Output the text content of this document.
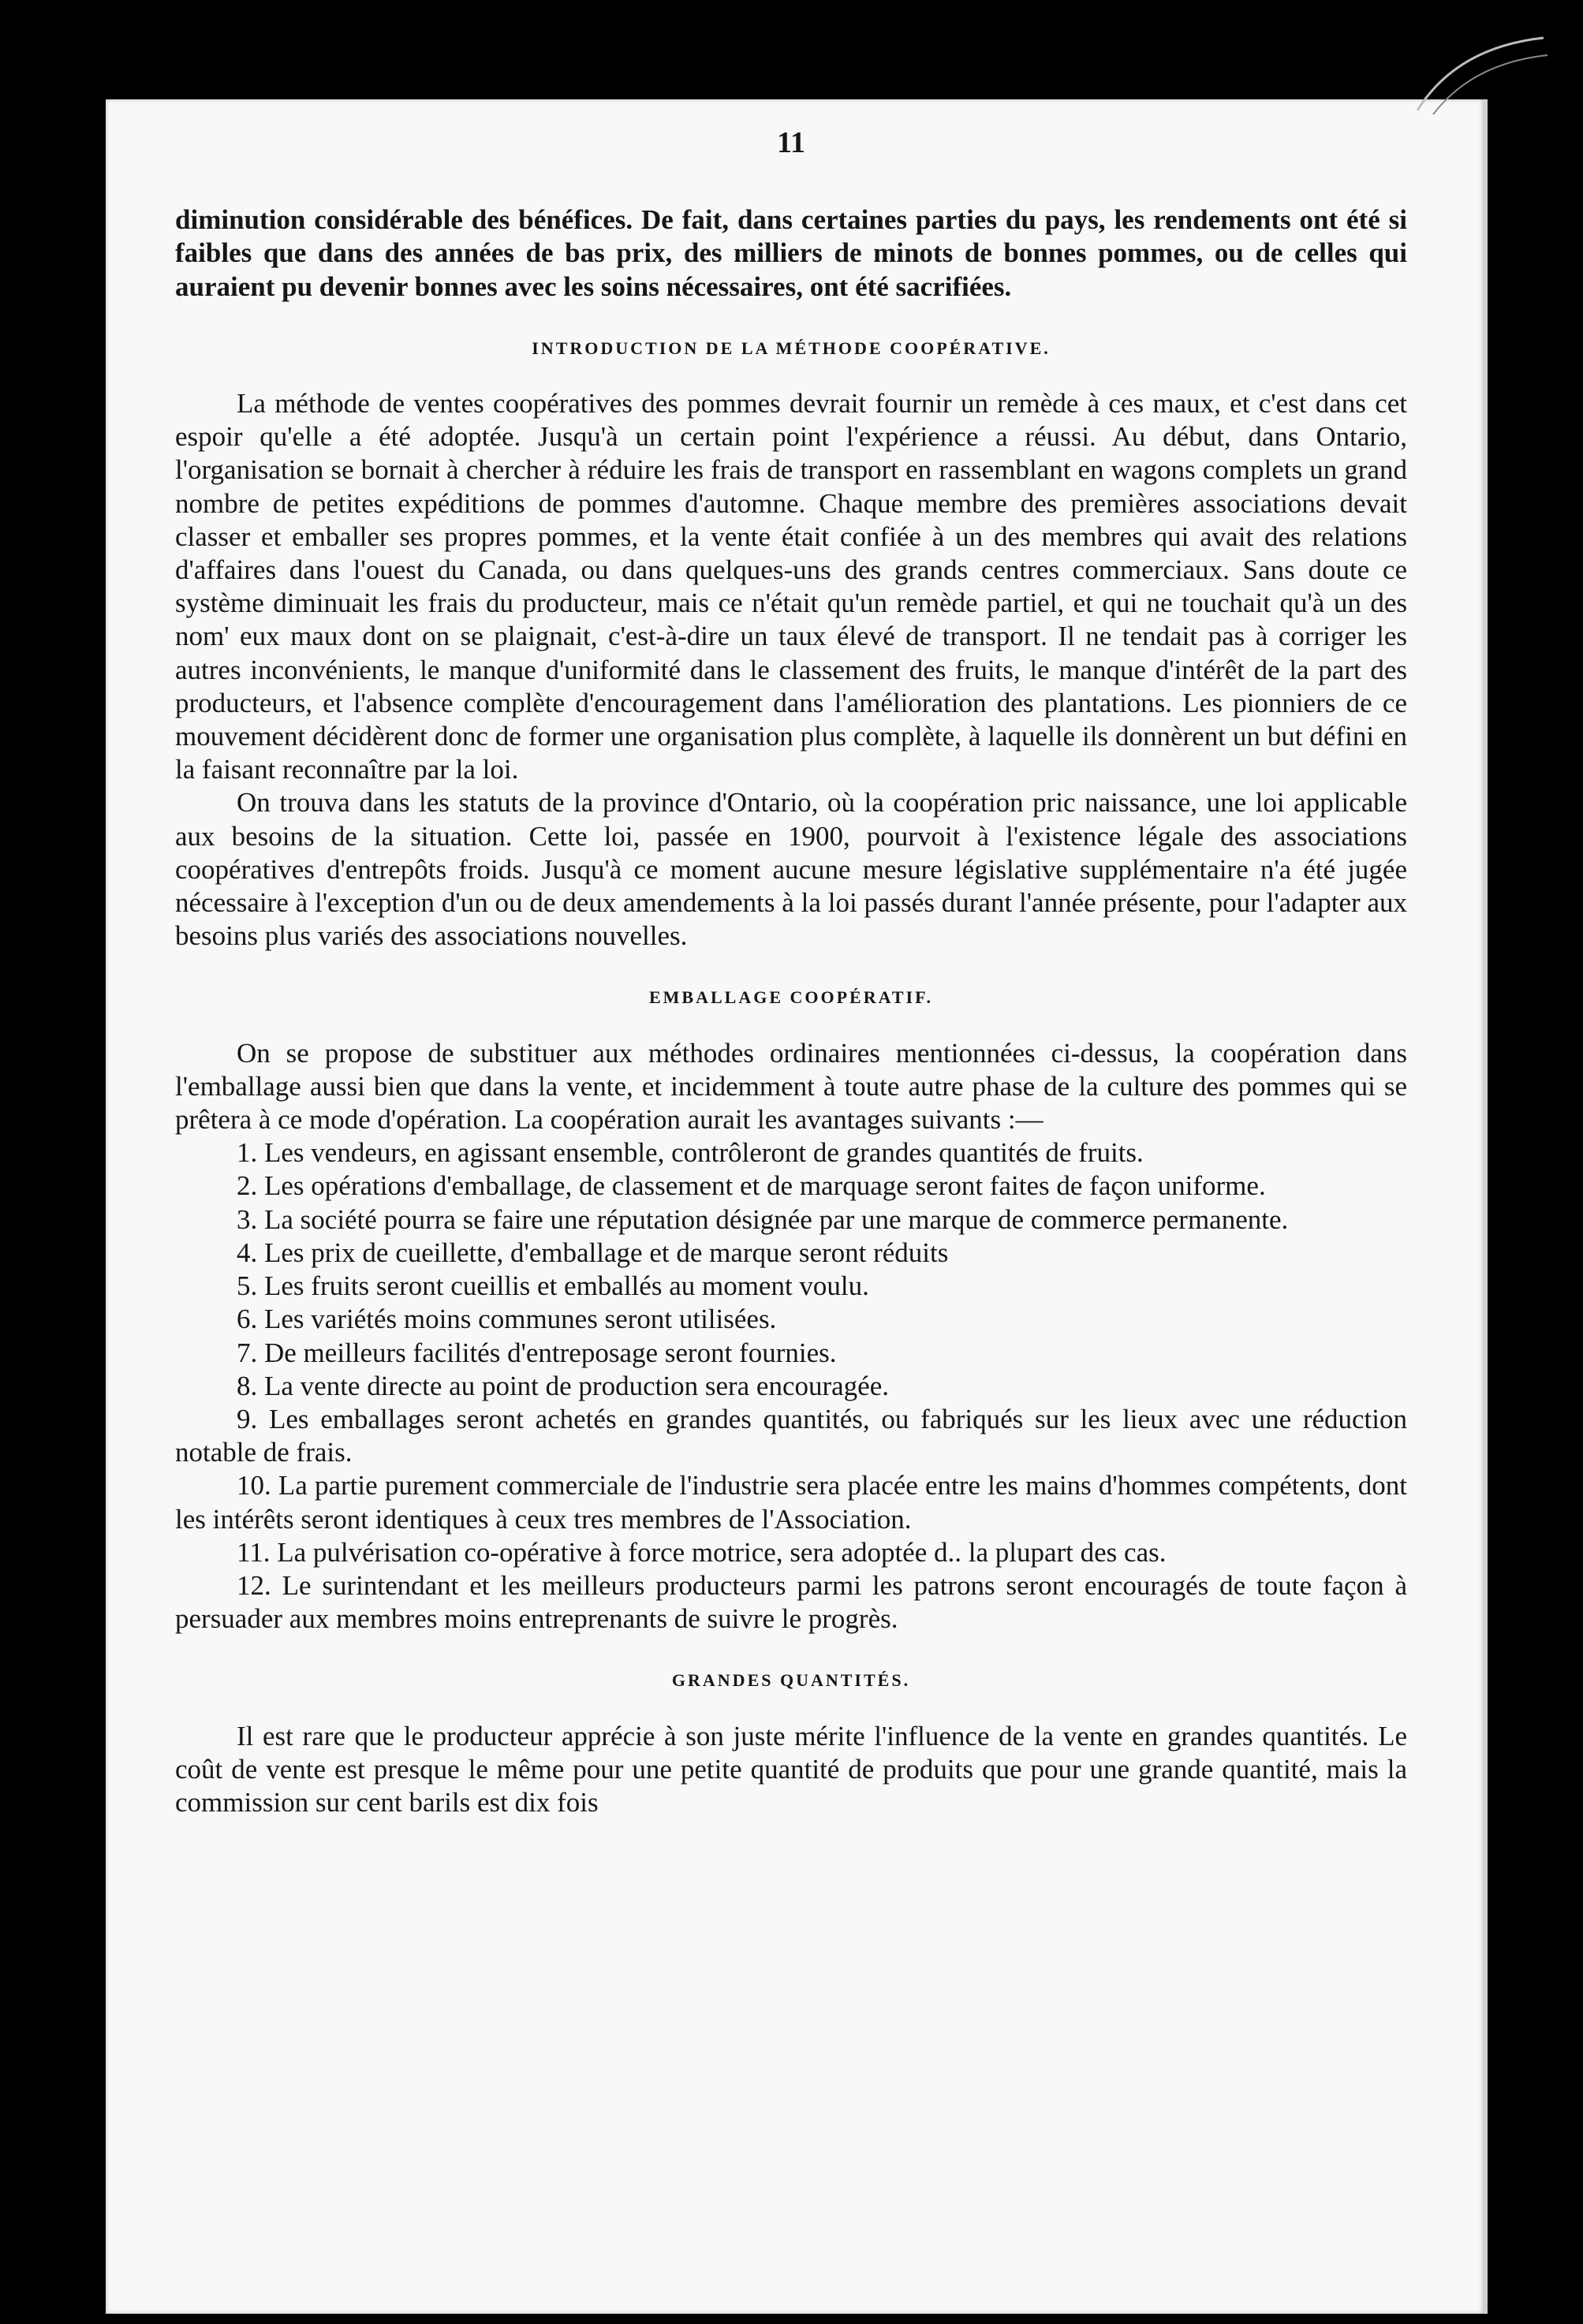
11

diminution considérable des bénéfices. De fait, dans certaines parties du pays, les rendements ont été si faibles que dans des années de bas prix, des milliers de minots de bonnes pommes, ou de celles qui auraient pu devenir bonnes avec les soins nécessaires, ont été sacrifiées.

INTRODUCTION DE LA MÉTHODE COOPÉRATIVE.

La méthode de ventes coopératives des pommes devrait fournir un remède à ces maux, et c'est dans cet espoir qu'elle a été adoptée. Jusqu'à un certain point l'expérience a réussi. Au début, dans Ontario, l'organisation se bornait à chercher à réduire les frais de transport en rassemblant en wagons complets un grand nombre de petites expéditions de pommes d'automne. Chaque membre des premières associations devait classer et emballer ses propres pommes, et la vente était confiée à un des membres qui avait des relations d'affaires dans l'ouest du Canada, ou dans quelques-uns des grands centres commerciaux. Sans doute ce système diminuait les frais du producteur, mais ce n'était qu'un remède partiel, et qui ne touchait qu'à un des nom' eux maux dont on se plaignait, c'est-à-dire un taux élevé de transport. Il ne tendait pas à corriger les autres inconvénients, le manque d'uniformité dans le classement des fruits, le manque d'intérêt de la part des producteurs, et l'absence complète d'encouragement dans l'amélioration des plantations. Les pionniers de ce mouvement décidèrent donc de former une organisation plus complète, à laquelle ils donnèrent un but défini en la faisant reconnaître par la loi.

On trouva dans les statuts de la province d'Ontario, où la coopération pric naissance, une loi applicable aux besoins de la situation. Cette loi, passée en 1900, pourvoit à l'existence légale des associations coopératives d'entrepôts froids. Jusqu'à ce moment aucune mesure législative supplémentaire n'a été jugée nécessaire à l'exception d'un ou de deux amendements à la loi passés durant l'année présente, pour l'adapter aux besoins plus variés des associations nouvelles.

EMBALLAGE COOPÉRATIF.

On se propose de substituer aux méthodes ordinaires mentionnées ci-dessus, la coopération dans l'emballage aussi bien que dans la vente, et incidemment à toute autre phase de la culture des pommes qui se prêtera à ce mode d'opération. La coopération aurait les avantages suivants :—

1. Les vendeurs, en agissant ensemble, contrôleront de grandes quantités de fruits.
2. Les opérations d'emballage, de classement et de marquage seront faites de façon uniforme.
3. La société pourra se faire une réputation désignée par une marque de commerce permanente.
4. Les prix de cueillette, d'emballage et de marque seront réduits
5. Les fruits seront cueillis et emballés au moment voulu.
6. Les variétés moins communes seront utilisées.
7. De meilleurs facilités d'entreposage seront fournies.
8. La vente directe au point de production sera encouragée.
9. Les emballages seront achetés en grandes quantités, ou fabriqués sur les lieux avec une réduction notable de frais.
10. La partie purement commerciale de l'industrie sera placée entre les mains d'hommes compétents, dont les intérêts seront identiques à ceux tres membres de l'Association.
11. La pulvérisation co-opérative à force motrice, sera adoptée d.. la plupart des cas.
12. Le surintendant et les meilleurs producteurs parmi les patrons seront encouragés de toute façon à persuader aux membres moins entreprenants de suivre le progrès.
GRANDES QUANTITÉS.

Il est rare que le producteur apprécie à son juste mérite l'influence de la vente en grandes quantités. Le coût de vente est presque le même pour une petite quantité de produits que pour une grande quantité, mais la commission sur cent barils est dix fois
